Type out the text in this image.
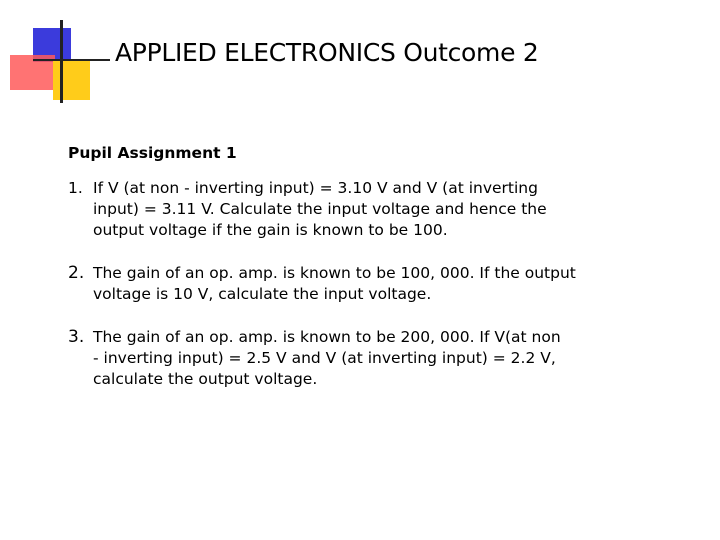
APPLIED ELECTRONICS Outcome 2
Pupil Assignment 1
1. If V (at non - inverting input) = 3.10 V and V (at inverting
input) = 3.11 V. Calculate the input voltage and hence the
output voltage if the gain is known to be 100.
2. The gain of an op. amp. is known to be 100, 000. If the output
voltage is 10 V, calculate the input voltage.
3. The gain of an op. amp. is known to be 200, 000. If V(at non
- inverting input) = 2.5 V and V (at inverting input) = 2.2 V,
calculate the output voltage.
